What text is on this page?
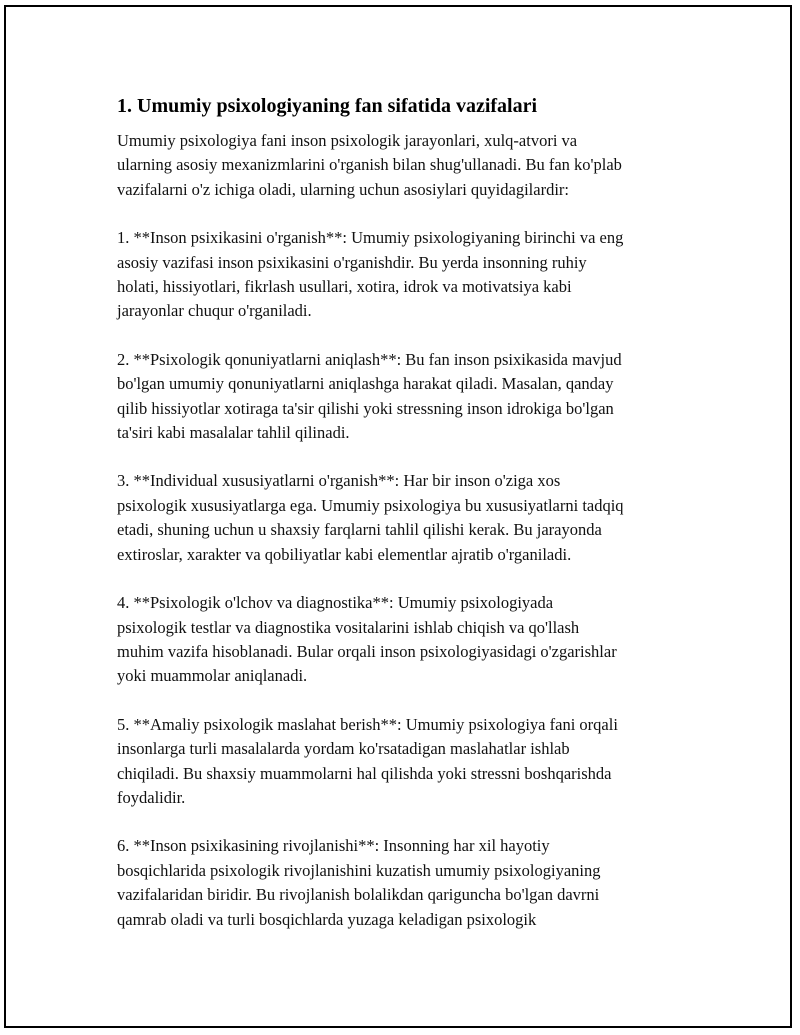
1. Umumiy psixologiyaning fan sifatida vazifalari

Umumiy psixologiya fani inson psixologik jarayonlari, xulq-atvori va
ularning asosiy mexanizmlarini o'rganish bilan shug'ullanadi. Bu fan ko'plab
vazifalarni o'z ichiga oladi, ularning uchun asosiylari quyidagilardir:

1. **Inson psixikasini o'rganish**: Umumiy psixologiyaning birinchi va eng
asosiy vazifasi inson psixikasini o'rganishdir. Bu yerda insonning ruhiy
holati, hissiyotlari, fikrlash usullari, xotira, idrok va motivatsiya kabi
jarayonlar chuqur o'rganiladi.

2. **Psixologik qonuniyatlarni aniqlash**: Bu fan inson psixikasida mavjud
bo'lgan umumiy qonuniyatlarni aniqlashga harakat qiladi. Masalan, qanday
qilib hissiyotlar xotiraga ta'sir qilishi yoki stressning inson idrokiga bo'lgan
ta'siri kabi masalalar tahlil qilinadi.

3. **Individual xususiyatlarni o'rganish**: Har bir inson o'ziga xos
psixologik xususiyatlarga ega. Umumiy psixologiya bu xususiyatlarni tadqiq
etadi, shuning uchun u shaxsiy farqlarni tahlil qilishi kerak. Bu jarayonda
extiroslar, xarakter va qobiliyatlar kabi elementlar ajratib o'rganiladi.

4. **Psixologik o'lchov va diagnostika**: Umumiy psixologiyada
psixologik testlar va diagnostika vositalarini ishlab chiqish va qo'llash
muhim vazifa hisoblanadi. Bular orqali inson psixologiyasidagi o'zgarishlar
yoki muammolar aniqlanadi.

5. **Amaliy psixologik maslahat berish**: Umumiy psixologiya fani orqali
insonlarga turli masalalarda yordam ko'rsatadigan maslahatlar ishlab
chiqiladi. Bu shaxsiy muammolarni hal qilishda yoki stressni boshqarishda
foydalidir.

6. **Inson psixikasining rivojlanishi**: Insonning har xil hayotiy
bosqichlarida psixologik rivojlanishini kuzatish umumiy psixologiyaning
vazifalaridan biridir. Bu rivojlanish bolalikdan qariguncha bo'lgan davrni
qamrab oladi va turli bosqichlarda yuzaga keladigan psixologik
